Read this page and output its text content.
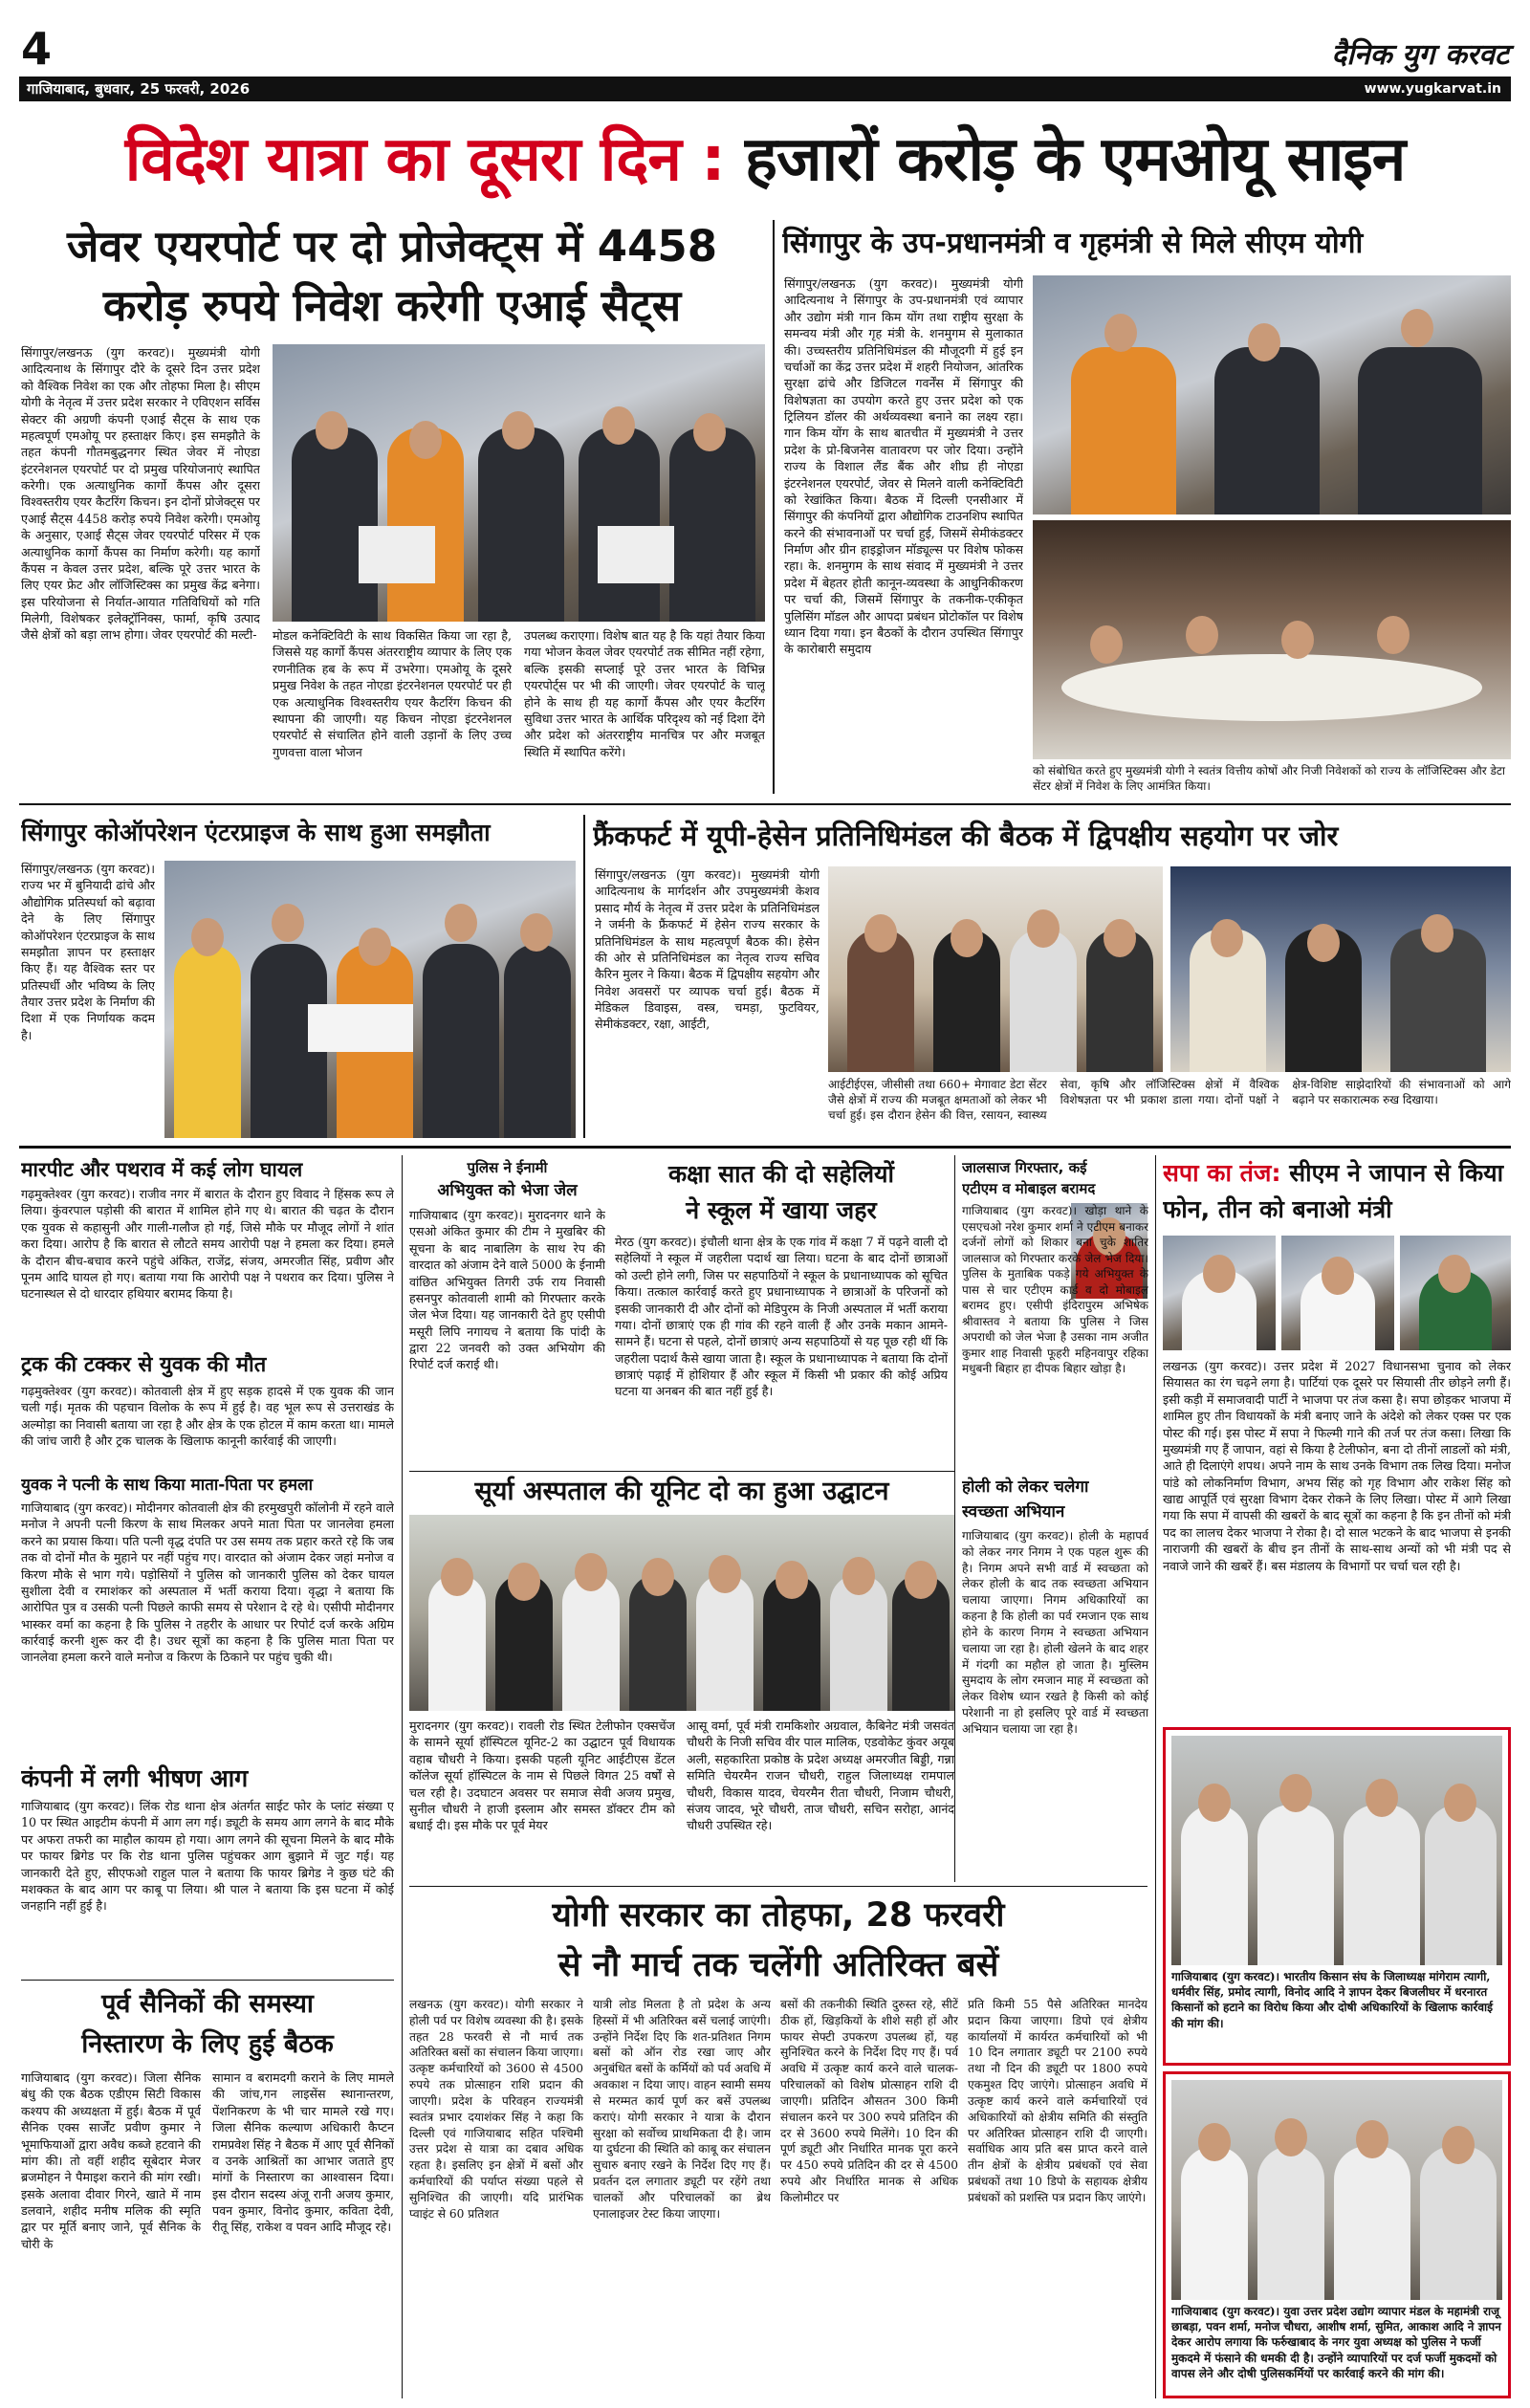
4	दैनिक युग करवट
गाजियाबाद, बुधवार, 25 फरवरी, 2026	www.yugkarvat.in
विदेश यात्रा का दूसरा दिन : हजारों करोड़ के एमओयू साइन
जेवर एयरपोर्ट पर दो प्रोजेक्ट्स में 4458
करोड़ रुपये निवेश करेगी एआई सैट्स
सिंगापुर/लखनऊ (युग करवट)। मुख्यमंत्री योगी आदित्यनाथ के सिंगापुर दौरे के दूसरे दिन उत्तर प्रदेश को वैश्विक निवेश का एक और तोहफा मिला है। सीएम योगी के नेतृत्व में उत्तर प्रदेश सरकार ने एविएशन सर्विस सेक्टर की अग्रणी कंपनी एआई सैट्स के साथ एक महत्वपूर्ण एमओयू पर हस्ताक्षर किए। इस समझौते के तहत कंपनी गौतमबुद्धनगर स्थित जेवर में नोएडा इंटरनेशनल एयरपोर्ट पर दो प्रमुख परियोजनाएं स्थापित करेगी। एक अत्याधुनिक कार्गो कैंपस और दूसरा विश्वस्तरीय एयर कैटरिंग किचन। इन दोनों प्रोजेक्ट्स पर एआई सैट्स 4458 करोड़ रुपये निवेश करेगी। एमओयू के अनुसार, एआई सैट्स जेवर एयरपोर्ट परिसर में एक अत्याधुनिक कार्गो कैंपस का निर्माण करेगी। यह कार्गो कैंपस न केवल उत्तर प्रदेश, बल्कि पूरे उत्तर भारत के लिए एयर फ्रेट और लॉजिस्टिक्स का प्रमुख केंद्र बनेगा। इस परियोजना से निर्यात-आयात गतिविधियों को गति मिलेगी, विशेषकर इलेक्ट्रॉनिक्स, फार्मा, कृषि उत्पाद जैसे क्षेत्रों को बड़ा लाभ होगा। जेवर एयरपोर्ट की मल्टी- मोडल कनेक्टिविटी के साथ विकसित किया जा रहा है, जिससे यह कार्गो कैंपस अंतरराष्ट्रीय व्यापार के लिए एक रणनीतिक हब के रूप में उभरेगा। एमओयू के दूसरे प्रमुख निवेश के तहत नोएडा इंटरनेशनल एयरपोर्ट पर ही एक अत्याधुनिक विश्वस्तरीय एयर कैटरिंग किचन की स्थापना की जाएगी। यह किचन नोएडा इंटरनेशनल एयरपोर्ट से संचालित होने वाली उड़ानों के लिए उच्च गुणवत्ता वाला भोजन
उपलब्ध कराएगा। विशेष बात यह है कि यहां तैयार किया गया भोजन केवल जेवर एयरपोर्ट तक सीमित नहीं रहेगा, बल्कि इसकी सप्लाई पूरे उत्तर भारत के विभिन्न एयरपोर्ट्स पर भी की जाएगी। जेवर एयरपोर्ट के चालू होने के साथ ही यह कार्गो कैंपस और एयर कैटरिंग सुविधा उत्तर भारत के आर्थिक परिदृश्य को नई दिशा देंगे और प्रदेश को अंतरराष्ट्रीय मानचित्र पर और मजबूत स्थिति में स्थापित करेंगे।
सिंगापुर के उप-प्रधानमंत्री व गृहमंत्री से मिले सीएम योगी
सिंगापुर/लखनऊ (युग करवट)। मुख्यमंत्री योगी आदित्यनाथ ने सिंगापुर के उप-प्रधानमंत्री एवं व्यापार और उद्योग मंत्री गान किम योंग तथा राष्ट्रीय सुरक्षा के समन्वय मंत्री और गृह मंत्री के. शनमुगम से मुलाकात की। उच्चस्तरीय प्रतिनिधिमंडल की मौजूदगी में हुई इन चर्चाओं का केंद्र उत्तर प्रदेश में शहरी नियोजन, आंतरिक सुरक्षा ढांचे और डिजिटल गवर्नेंस में सिंगापुर की विशेषज्ञता का उपयोग करते हुए उत्तर प्रदेश को एक ट्रिलियन डॉलर की अर्थव्यवस्था बनाने का लक्ष्य रहा। गान किम योंग के साथ बातचीत में मुख्यमंत्री ने उत्तर प्रदेश के प्रो-बिजनेस वातावरण पर जोर दिया। उन्होंने राज्य के विशाल लैंड बैंक और शीघ्र ही नोएडा इंटरनेशनल एयरपोर्ट, जेवर से मिलने वाली कनेक्टिविटी को रेखांकित किया। बैठक में दिल्ली एनसीआर में सिंगापुर की कंपनियों द्वारा औद्योगिक टाउनशिप स्थापित करने की संभावनाओं पर चर्चा हुई, जिसमें सेमीकंडक्टर निर्माण और ग्रीन हाइड्रोजन मॉड्यूल्स पर विशेष फोकस रहा। के. शनमुगम के साथ संवाद में मुख्यमंत्री ने उत्तर प्रदेश में बेहतर होती कानून-व्यवस्था के आधुनिकीकरण पर चर्चा की, जिसमें सिंगापुर के तकनीक-एकीकृत पुलिसिंग मॉडल और आपदा प्रबंधन प्रोटोकॉल पर विशेष ध्यान दिया गया। इन बैठकों के दौरान उपस्थित सिंगापुर के कारोबारी समुदाय
को संबोधित करते हुए मुख्यमंत्री योगी ने स्वतंत्र वित्तीय कोषों और निजी निवेशकों को राज्य के लॉजिस्टिक्स और डेटा सेंटर क्षेत्रों में निवेश के लिए आमंत्रित किया।
सिंगापुर कोऑपरेशन एंटरप्राइज के साथ हुआ समझौता
सिंगापुर/लखनऊ (युग करवट)। राज्य भर में बुनियादी ढांचे और औद्योगिक प्रतिस्पर्धा को बढ़ावा देने के लिए सिंगापुर कोऑपरेशन एंटरप्राइज के साथ समझौता ज्ञापन पर हस्ताक्षर किए हैं। यह वैश्विक स्तर पर प्रतिस्पर्धी और भविष्य के लिए तैयार उत्तर प्रदेश के निर्माण की दिशा में एक निर्णायक कदम है।
फ्रैंकफर्ट में यूपी-हेसेन प्रतिनिधिमंडल की बैठक में द्विपक्षीय सहयोग पर जोर
सिंगापुर/लखनऊ (युग करवट)। मुख्यमंत्री योगी आदित्यनाथ के मार्गदर्शन और उपमुख्यमंत्री केशव प्रसाद मौर्य के नेतृत्व में उत्तर प्रदेश के प्रतिनिधिमंडल ने जर्मनी के फ्रैंकफर्ट में हेसेन राज्य सरकार के प्रतिनिधिमंडल के साथ महत्वपूर्ण बैठक की। हेसेन की ओर से प्रतिनिधिमंडल का नेतृत्व राज्य सचिव कैरिन मुलर ने किया। बैठक में द्विपक्षीय सहयोग और निवेश अवसरों पर व्यापक चर्चा हुई। बैठक में मेडिकल डिवाइस, वस्त्र, चमड़ा, फुटवियर, सेमीकंडक्टर, रक्षा, आईटी,
आईटीईएस, जीसीसी तथा 660+ मेगावाट डेटा सेंटर जैसे क्षेत्रों में राज्य की मजबूत क्षमताओं को लेकर भी चर्चा हुई। इस दौरान हेसेन की वित्त, रसायन, स्वास्थ्य सेवा, कृषि और लॉजिस्टिक्स क्षेत्रों में वैश्विक विशेषज्ञता पर भी प्रकाश डाला गया। दोनों पक्षों ने क्षेत्र-विशिष्ट साझेदारियों की संभावनाओं को आगे बढ़ाने पर सकारात्मक रुख दिखाया।
मारपीट और पथराव में कई लोग घायल
गढ़मुक्तेश्वर (युग करवट)। राजीव नगर में बारात के दौरान हुए विवाद ने हिंसक रूप ले लिया। कुंवरपाल पड़ोसी की बारात में शामिल होने गए थे। बारात की चढ़त के दौरान एक युवक से कहासुनी और गाली-गलौज हो गई, जिसे मौके पर मौजूद लोगों ने शांत करा दिया। आरोप है कि बारात से लौटते समय आरोपी पक्ष ने हमला कर दिया। हमले के दौरान बीच-बचाव करने पहुंचे अंकित, राजेंद्र, संजय, अमरजीत सिंह, प्रवीण और पूनम आदि घायल हो गए। बताया गया कि आरोपी पक्ष ने पथराव कर दिया। पुलिस ने घटनास्थल से दो धारदार हथियार बरामद किया है।
ट्रक की टक्कर से युवक की मौत
गढ़मुक्तेश्वर (युग करवट)। कोतवाली क्षेत्र में हुए सड़क हादसे में एक युवक की जान चली गई। मृतक की पहचान विलोक के रूप में हुई है। वह भूल रूप से उत्तराखंड के अल्मोड़ा का निवासी बताया जा रहा है और क्षेत्र के एक होटल में काम करता था। मामले की जांच जारी है और ट्रक चालक के खिलाफ कानूनी कार्रवाई की जाएगी।
युवक ने पत्नी के साथ किया माता-पिता पर हमला
गाजियाबाद (युग करवट)। मोदीनगर कोतवाली क्षेत्र की हरमुखपुरी कॉलोनी में रहने वाले मनोज ने अपनी पत्नी किरण के साथ मिलकर अपने माता पिता पर जानलेवा हमला करने का प्रयास किया। पति पत्नी वृद्ध दंपति पर उस समय तक प्रहार करते रहे कि जब तक वो दोनों मौत के मुहाने पर नहीं पहुंच गए। वारदात को अंजाम देकर जहां मनोज व किरण मौके से भाग गये। पड़ोसियों ने पुलिस को जानकारी पुलिस को देकर घायल सुशीला देवी व रमाशंकर को अस्पताल में भर्ती कराया दिया। वृद्धा ने बताया कि आरोपित पुत्र व उसकी पत्नी पिछले काफी समय से परेशान दे रहे थे। एसीपी मोदीनगर भास्कर वर्मा का कहना है कि पुलिस ने तहरीर के आधार पर रिपोर्ट दर्ज करके अग्रिम कार्रवाई करनी शुरू कर दी है। उधर सूत्रों का कहना है कि पुलिस माता पिता पर जानलेवा हमला करने वाले मनोज व किरण के ठिकाने पर पहुंच चुकी थी।
कंपनी में लगी भीषण आग
गाजियाबाद (युग करवट)। लिंक रोड थाना क्षेत्र अंतर्गत साईट फोर के प्लांट संख्या ए 10 पर स्थित आइटीम कंपनी में आग लग गई। ड्यूटी के समय आग लगने के बाद मौके पर अफरा तफरी का माहौल कायम हो गया। आग लगने की सूचना मिलने के बाद मौके पर फायर ब्रिगेड पर कि रोड थाना पुलिस पहुंचकर आग बुझाने में जुट गई। यह जानकारी देते हुए, सीएफओ राहुल पाल ने बताया कि फायर ब्रिगेड ने कुछ घंटे की मशक्कत के बाद आग पर काबू पा लिया। श्री पाल ने बताया कि इस घटना में कोई जनहानि नहीं हुई है।
पूर्व सैनिकों की समस्या
निस्तारण के लिए हुई बैठक
गाजियाबाद (युग करवट)। जिला सैनिक बंधु की एक बैठक एडीएम सिटी विकास कश्यप की अध्यक्षता में हुई। बैठक में पूर्व सैनिक एक्स सार्जेंट प्रवीण कुमार ने भूमाफियाओं द्वारा अवैध कब्जे हटवाने की मांग की। तो वहीं शहीद सूबेदार मेजर ब्रजमोहन ने पैमाइश कराने की मांग रखी। इसके अलावा दीवार गिरने, खाते में नाम डलवाने, शहीद मनीष मलिक की स्मृति द्वार पर मूर्ति बनाए जाने, पूर्व सैनिक के चोरी के
सामान व बरामदगी कराने के लिए मामले की जांच,गन लाइसेंस स्थानान्तरण, पेंशनिकरण के भी चार मामले रखे गए। जिला सैनिक कल्याण अधिकारी कैप्टन रामप्रवेश सिंह ने बैठक में आए पूर्व सैनिकों व उनके आश्रितों का आभार जताते हुए मांगों के निस्तारण का आश्वासन दिया। इस दौरान सदस्य अंजू रानी अजय कुमार, पवन कुमार, विनोद कुमार, कविता देवी, रीतू सिंह, राकेश व पवन आदि मौजूद रहे।
पुलिस ने ईनामी
अभियुक्त को भेजा जेल
गाजियाबाद (युग करवट)। मुरादनगर थाने के एसओ अंकित कुमार की टीम ने मुखबिर की सूचना के बाद नाबालिग के साथ रेप की वारदात को अंजाम देने वाले 5000 के ईनामी वांछित अभियुक्त तिगरी उर्फ राय निवासी हसनपुर कोतवाली शामी को गिरफ्तार करके जेल भेज दिया। यह जानकारी देते हुए एसीपी मसूरी लिपि नगायच ने बताया कि पांदी के द्वारा 22 जनवरी को उक्त अभियोग की रिपोर्ट दर्ज कराई थी।
कक्षा सात की दो सहेलियों
ने स्कूल में खाया जहर
मेरठ (युग करवट)। इंचौली थाना क्षेत्र के एक गांव में कक्षा 7 में पढ़ने वाली दो सहेलियों ने स्कूल में जहरीला पदार्थ खा लिया। घटना के बाद दोनों छात्राओं को उल्टी होने लगी, जिस पर सहपाठियों ने स्कूल के प्रधानाध्यापक को सूचित किया। तत्काल कार्रवाई करते हुए प्रधानाध्यापक ने छात्राओं के परिजनों को इसकी जानकारी दी और दोनों को मेडिपुरम के निजी अस्पताल में भर्ती कराया गया। दोनों छात्राएं एक ही गांव की रहने वाली हैं और उनके मकान आमने-सामने हैं। घटना से पहले, दोनों छात्राएं अन्य सहपाठियों से यह पूछ रही थीं कि जहरीला पदार्थ कैसे खाया जाता है। स्कूल के प्रधानाध्यापक ने बताया कि दोनों छात्राएं पढ़ाई में होशियार हैं और स्कूल में किसी भी प्रकार की कोई अप्रिय घटना या अनबन की बात नहीं हुई है।
जालसाज गिरफ्तार, कई
एटीएम व मोबाइल बरामद
गाजियाबाद (युग करवट)। खोड़ा थाने के एसएचओ नरेश कुमार शर्मा ने एटीएम बनाकर दर्जनों लोगों को शिकार बना चुके शातिर जालसाज को गिरफ्तार करके जेल भेज दिया। पुलिस के मुताबिक पकड़े गये अभियुक्त के पास से चार एटीएम कार्ड व दो मोबाइल बरामद हुए। एसीपी इंदिरापुरम अभिषेक श्रीवास्तव ने बताया कि पुलिस ने जिस अपराधी को जेल भेजा है उसका नाम अजीत कुमार शाह निवासी फूहरी महिनवापुर रहिका मधुबनी बिहार हा दीपक बिहार खोड़ा है।
सूर्या अस्पताल की यूनिट दो का हुआ उद्घाटन
मुरादनगर (युग करवट)। रावली रोड स्थित टेलीफोन एक्सचेंज के सामने सूर्या हॉस्पिटल यूनिट-2 का उद्घाटन पूर्व विधायक वहाब चौधरी ने किया। इसकी पहली यूनिट आईटीएस डेंटल कॉलेज सूर्या हॉस्पिटल के नाम से पिछले विगत 25 वर्षों से चल रही है। उदघाटन अवसर पर समाज सेवी अजय प्रमुख, सुनील चौधरी ने हाजी इस्लाम और समस्त डॉक्टर टीम को बधाई दी। इस मौके पर पूर्व मेयर
आसू वर्मा, पूर्व मंत्री रामकिशोर अग्रवाल, कैबिनेट मंत्री जसवंत चौधरी के निजी सचिव वीर पाल मालिक, एडवोकेट कुंवर अयूब अली, सहकारिता प्रकोष्ठ के प्रदेश अध्यक्ष अमरजीत बिड्डी, गन्ना समिति चेयरमैन राजन चौधरी, राहुल जिलाध्यक्ष रामपाल चौधरी, विकास यादव, चेयरमैन रीता चौधरी, निजाम चौधरी, संजय जादव, भूरे चौधरी, ताज चौधरी, सचिन सरोहा, आनंद चौधरी उपस्थित रहे।
होली को लेकर चलेगा
स्वच्छता अभियान
गाजियाबाद (युग करवट)। होली के महापर्व को लेकर नगर निगम ने एक पहल शुरू की है। निगम अपने सभी वार्ड में स्वच्छता को लेकर होली के बाद तक स्वच्छता अभियान चलाया जाएगा। निगम अधिकारियों का कहना है कि होली का पर्व रमजान एक साथ होने के कारण निगम ने स्वच्छता अभियान चलाया जा रहा है। होली खेलने के बाद शहर में गंदगी का महौल हो जाता है। मुस्लिम सुमदाय के लोग रमजान माह में स्वच्छता को लेकर विशेष ध्यान रखते है किसी को कोई परेशानी ना हो इसलिए पूरे वार्ड में स्वच्छता अभियान चलाया जा रहा है।
सपा का तंज: सीएम ने जापान से किया फोन, तीन को बनाओ मंत्री
लखनऊ (युग करवट)। उत्तर प्रदेश में 2027 विधानसभा चुनाव को लेकर सियासत का रंग चढ़ने लगा है। पार्टियां एक दूसरे पर सियासी तीर छोड़ने लगी हैं। इसी कड़ी में समाजवादी पार्टी ने भाजपा पर तंज कसा है। सपा छोड़कर भाजपा में शामिल हुए तीन विधायकों के मंत्री बनाए जाने के अंदेशे को लेकर एक्स पर एक पोस्ट की गई। इस पोस्ट में सपा ने फिल्मी गाने की तर्ज पर तंज कसा। लिखा कि मुख्यमंत्री गए हैं जापान, वहां से किया है टेलीफोन, बना दो तीनों लाडलों को मंत्री, आते ही दिलाएंगे शपथ। अपने नाम के साथ उनके विभाग तक लिख दिया। मनोज पांडे को लोकनिर्माण विभाग, अभय सिंह को गृह विभाग और राकेश सिंह को खाद्य आपूर्ति एवं सुरक्षा विभाग देकर रोकने के लिए लिखा। पोस्ट में आगे लिखा गया कि सपा में वापसी की खबरों के बाद सूत्रों का कहना है कि इन तीनों को मंत्री पद का लालच देकर भाजपा ने रोका है। दो साल भटकने के बाद भाजपा से इनकी नाराजगी की खबरों के बीच इन तीनों के साथ-साथ अन्यों को भी मंत्री पद से नवाजे जाने की खबरें हैं। बस मंडालय के विभागों पर चर्चा चल रही है।
गाजियाबाद (युग करवट)। भारतीय किसान संघ के जिलाध्यक्ष मांगेराम त्यागी, धर्मवीर सिंह, प्रमोद त्यागी, विनोद आदि ने ज्ञापन देकर बिजलीघर में धरनारत किसानों को हटाने का विरोध किया और दोषी अधिकारियों के खिलाफ कार्रवाई की मांग की।
गाजियाबाद (युग करवट)। युवा उत्तर प्रदेश उद्योग व्यापार मंडल के महामंत्री राजू छाबड़ा, पवन शर्मा, मनोज चौधरा, आशीष शर्मा, सुमित, आकाश आदि ने ज्ञापन देकर आरोप लगाया कि फर्रुखाबाद के नगर युवा अध्यक्ष को पुलिस ने फर्जी मुकदमे में फंसाने की धमकी दी है। उन्होंने व्यापारियों पर दर्ज फर्जी मुकदमों को वापस लेने और दोषी पुलिसकर्मियों पर कार्रवाई करने की मांग की।
योगी सरकार का तोहफा, 28 फरवरी
से नौ मार्च तक चलेंगी अतिरिक्त बसें
लखनऊ (युग करवट)। योगी सरकार ने होली पर्व पर विशेष व्यवस्था की है। इसके तहत 28 फरवरी से नौ मार्च तक अतिरिक्त बसों का संचालन किया जाएगा। उत्कृष्ट कर्मचारियों को 3600 से 4500 रुपये तक प्रोत्साहन राशि प्रदान की जाएगी। प्रदेश के परिवहन राज्यमंत्री स्वतंत्र प्रभार दयाशंकर सिंह ने कहा कि दिल्ली एवं गाजियाबाद सहित पश्चिमी उत्तर प्रदेश से यात्रा का दबाव अधिक रहता है। इसलिए इन क्षेत्रों में बसों और कर्मचारियों की पर्याप्त संख्या पहले से सुनिश्चित की जाएगी। यदि प्रारंभिक प्वाइंट से 60 प्रतिशत
यात्री लोड मिलता है तो प्रदेश के अन्य हिस्सों में भी अतिरिक्त बसें चलाई जाएंगी। उन्होंने निर्देश दिए कि शत-प्रतिशत निगम बसों को ऑन रोड रखा जाए और अनुबंधित बसों के कर्मियों को पर्व अवधि में अवकाश न दिया जाए। वाहन स्वामी समय से मरम्मत कार्य पूर्ण कर बसें उपलब्ध कराएं। योगी सरकार ने यात्रा के दौरान सुरक्षा को सर्वोच्च प्राथमिकता दी है। जाम या दुर्घटना की स्थिति को काबू कर संचालन सुचारु बनाए रखने के निर्देश दिए गए हैं। प्रवर्तन दल लगातार ड्यूटी पर रहेंगे तथा चालकों और परिचालकों का ब्रेथ एनालाइजर टेस्ट किया जाएगा।
बसों की तकनीकी स्थिति दुरुस्त रहे, सीटें ठीक हों, खिड़कियों के शीशे सही हों और फायर सेफ्टी उपकरण उपलब्ध हों, यह सुनिश्चित करने के निर्देश दिए गए हैं। पर्व अवधि में उत्कृष्ट कार्य करने वाले चालक-परिचालकों को विशेष प्रोत्साहन राशि दी जाएगी। प्रतिदिन औसतन 300 किमी संचालन करने पर 300 रुपये प्रतिदिन की दर से 3600 रुपये मिलेंगे। 10 दिन की पूर्ण ड्यूटी और निर्धारित मानक पूरा करने पर 450 रुपये प्रतिदिन की दर से 4500 रुपये और निर्धारित मानक से अधिक किलोमीटर पर
प्रति किमी 55 पैसे अतिरिक्त मानदेय प्रदान किया जाएगा। डिपो एवं क्षेत्रीय कार्यालयों में कार्यरत कर्मचारियों को भी 10 दिन लगातार ड्यूटी पर 2100 रुपये तथा नौ दिन की ड्यूटी पर 1800 रुपये एकमुश्त दिए जाएंगे। प्रोत्साहन अवधि में उत्कृष्ट कार्य करने वाले कर्मचारियों एवं अधिकारियों को क्षेत्रीय समिति की संस्तुति पर अतिरिक्त प्रोत्साहन राशि दी जाएगी। सर्वाधिक आय प्रति बस प्राप्त करने वाले तीन क्षेत्रों के क्षेत्रीय प्रबंधकों एवं सेवा प्रबंधकों तथा 10 डिपो के सहायक क्षेत्रीय प्रबंधकों को प्रशस्ति पत्र प्रदान किए जाएंगे।
